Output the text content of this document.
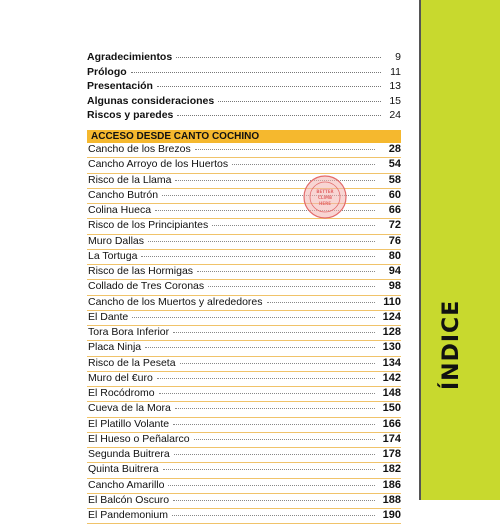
ÍNDICE
Agradecimientos	9
Prólogo	11
Presentación	13
Algunas consideraciones	15
Riscos y paredes	24
ACCESO DESDE CANTO COCHINO
Cancho de los Brezos	28
Cancho Arroyo de los Huertos	54
Risco de la Llama	58
Cancho Butrón	60
Colina Hueca	66
Risco de los Principiantes	72
Muro Dallas	76
La Tortuga	80
Risco de las Hormigas	94
Collado de Tres Coronas	98
Cancho de los Muertos y alrededores	110
El Dante	124
Tora Bora Inferior	128
Placa Ninja	130
Risco de la Peseta	134
Muro del €uro	142
El Rocódromo	148
Cueva de la Mora	150
El Platillo Volante	166
El Hueso o Peñalarco	174
Segunda Buitrera	178
Quinta Buitrera	182
Cancho Amarillo	186
El Balcón Oscuro	188
El Pandemonium	190
BETTER
CLIMB
HERE
